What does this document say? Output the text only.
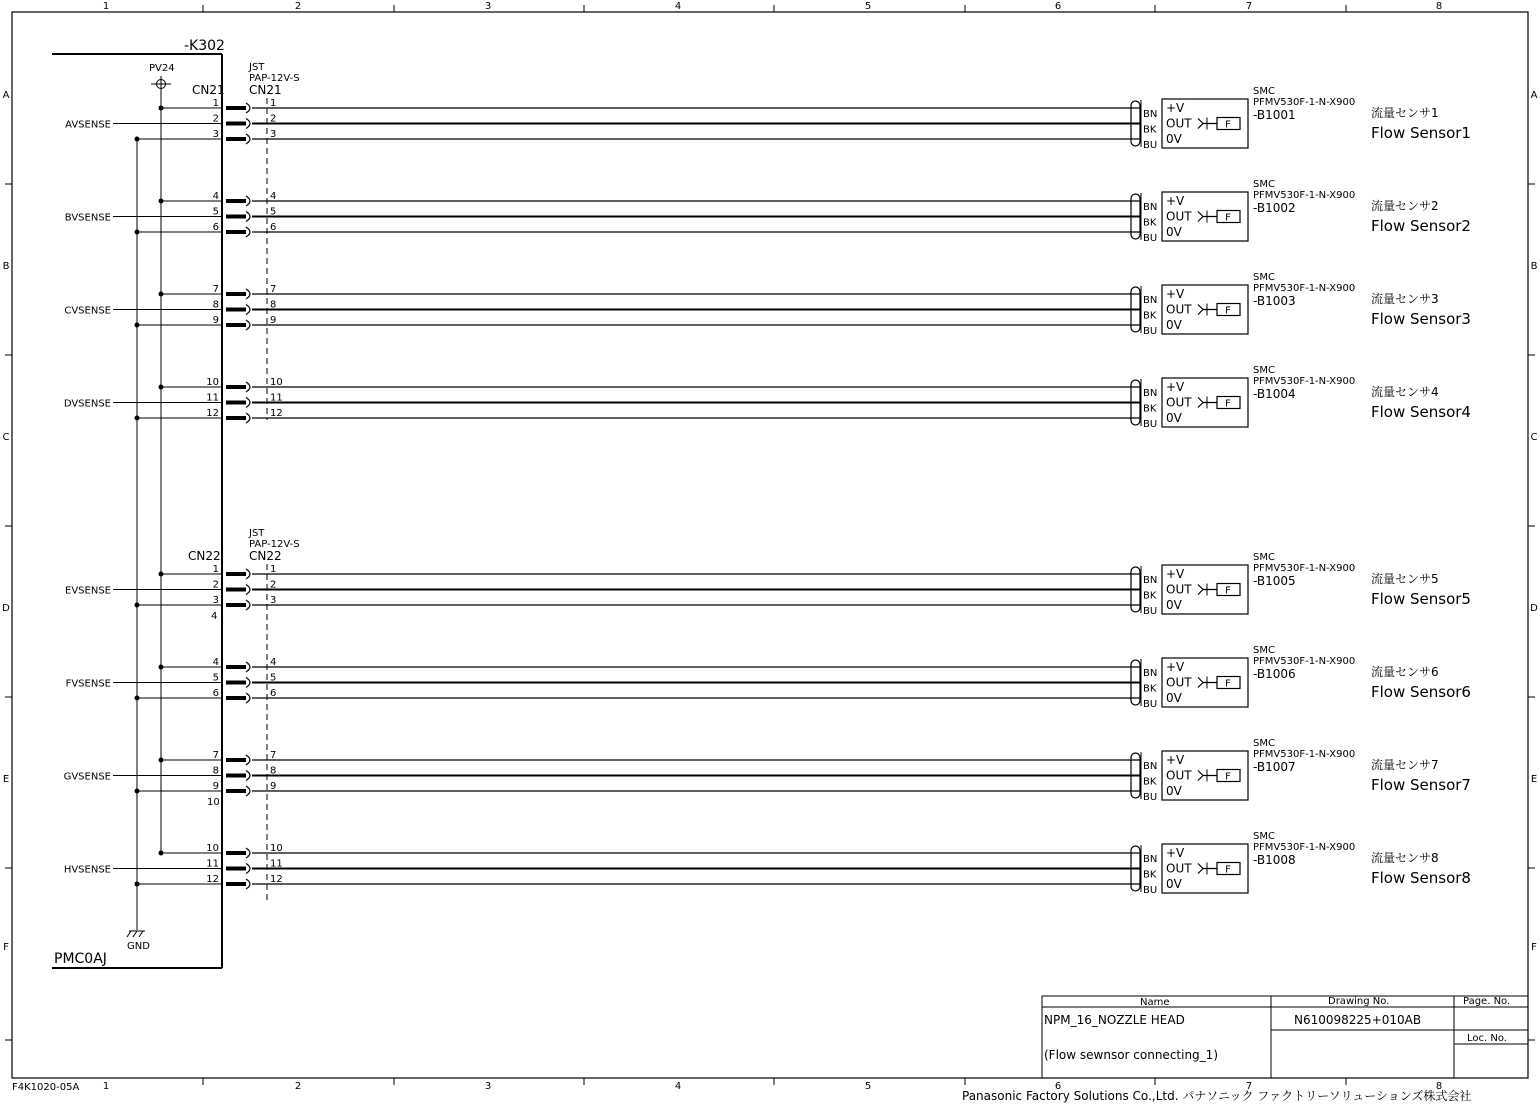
1
1
2
2
3
3
4
4
5
5
6
6
7
7
8
8
A	A
B	B
C	C
D	D
E	E
F	F
-K302
PMC0AJ
PV24
GND
JST
PAP-12V-S
CN21 CN21
JST
PAP-12V-S
CN22 CN22
4
10
AVSENSE
1	1
BN +V
2	2
BK OUT
3	3
BU 0V
F
SMC
PFMV530F-1-N-X900
-B1001	流量センサ1
Flow Sensor1
BVSENSE
4	4
BN +V
5	5
BK OUT
6	6
BU 0V
F
SMC
PFMV530F-1-N-X900
-B1002	流量センサ2
Flow Sensor2
CVSENSE
7	7
BN +V
8	8
BK OUT
9	9
BU 0V
F
SMC
PFMV530F-1-N-X900
-B1003	流量センサ3
Flow Sensor3
DVSENSE
10	10
BN +V
11	11
BK OUT
12	12
BU 0V
F
SMC
PFMV530F-1-N-X900
-B1004	流量センサ4
Flow Sensor4
EVSENSE
1	1
BN +V
2	2
BK OUT
3	3
BU 0V
F
SMC
PFMV530F-1-N-X900
-B1005	流量センサ5
Flow Sensor5
FVSENSE
4	4
BN +V
5	5
BK OUT
6	6
BU 0V
F
SMC
PFMV530F-1-N-X900
-B1006	流量センサ6
Flow Sensor6
GVSENSE
7	7
BN +V
8	8
BK OUT
9	9
BU 0V
F
SMC
PFMV530F-1-N-X900
-B1007	流量センサ7
Flow Sensor7
HVSENSE
10	10
BN +V
11	11
BK OUT
12	12
BU 0V
F
SMC
PFMV530F-1-N-X900
-B1008	流量センサ8
Flow Sensor8
Name	Drawing No.	Page. No.
Loc. No.
NPM_16_NOZZLE HEAD
(Flow sewnsor connecting_1)
N610098225+010AB
F4K1020-05A
Panasonic Factory Solutions Co.,Ltd. パナソニック ファクトリーソリューションズ株式会社
